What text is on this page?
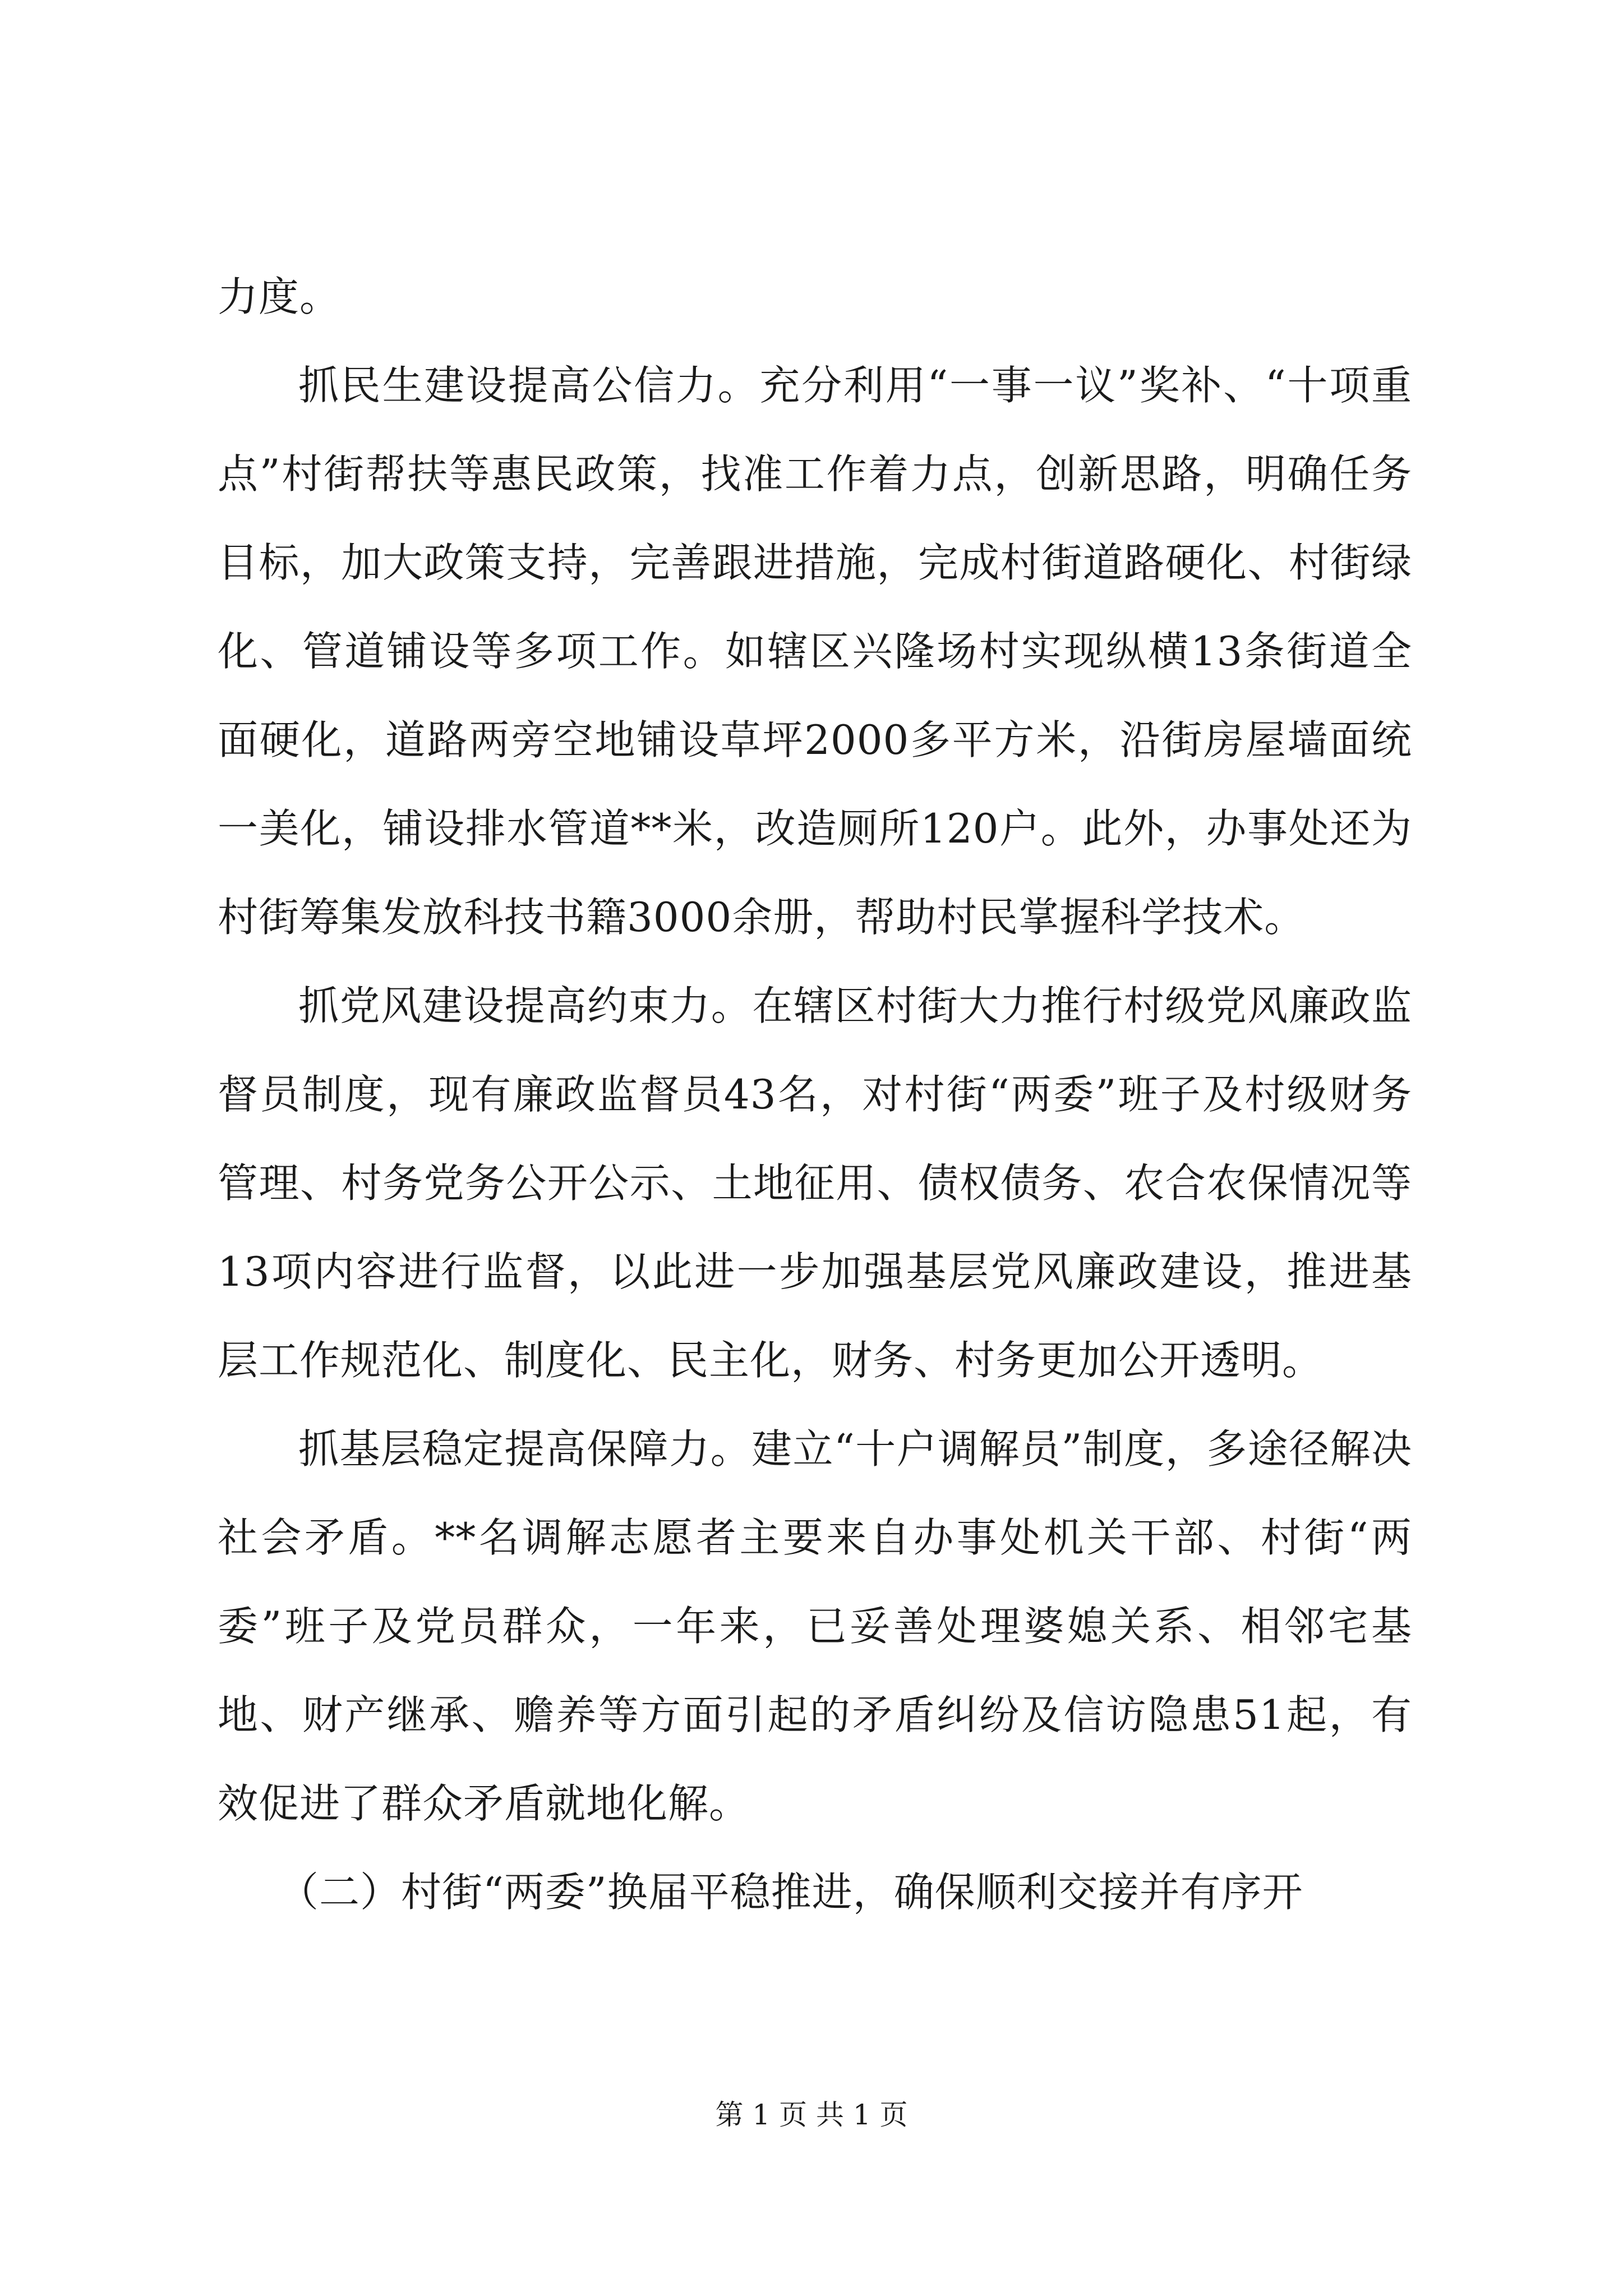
力度。

抓民生建设提高公信力。充分利用“一事一议”奖补、“十项重点”村街帮扶等惠民政策，找准工作着力点，创新思路，明确任务目标，加大政策支持，完善跟进措施，完成村街道路硬化、村街绿化、管道铺设等多项工作。如辖区兴隆场村实现纵横13条街道全面硬化，道路两旁空地铺设草坪2000多平方米，沿街房屋墙面统一美化，铺设排水管道**米，改造厕所120户。此外，办事处还为村街筹集发放科技书籍3000余册，帮助村民掌握科学技术。

抓党风建设提高约束力。在辖区村街大力推行村级党风廉政监督员制度，现有廉政监督员43名，对村街“两委”班子及村级财务管理、村务党务公开公示、土地征用、债权债务、农合农保情况等13项内容进行监督，以此进一步加强基层党风廉政建设，推进基层工作规范化、制度化、民主化，财务、村务更加公开透明。

抓基层稳定提高保障力。建立“十户调解员”制度，多途径解决社会矛盾。**名调解志愿者主要来自办事处机关干部、村街“两委”班子及党员群众，一年来，已妥善处理婆媳关系、相邻宅基地、财产继承、赡养等方面引起的矛盾纠纷及信访隐患51起，有效促进了群众矛盾就地化解。

（二）村街“两委”换届平稳推进，确保顺利交接并有序开

第 1 页 共 1 页
